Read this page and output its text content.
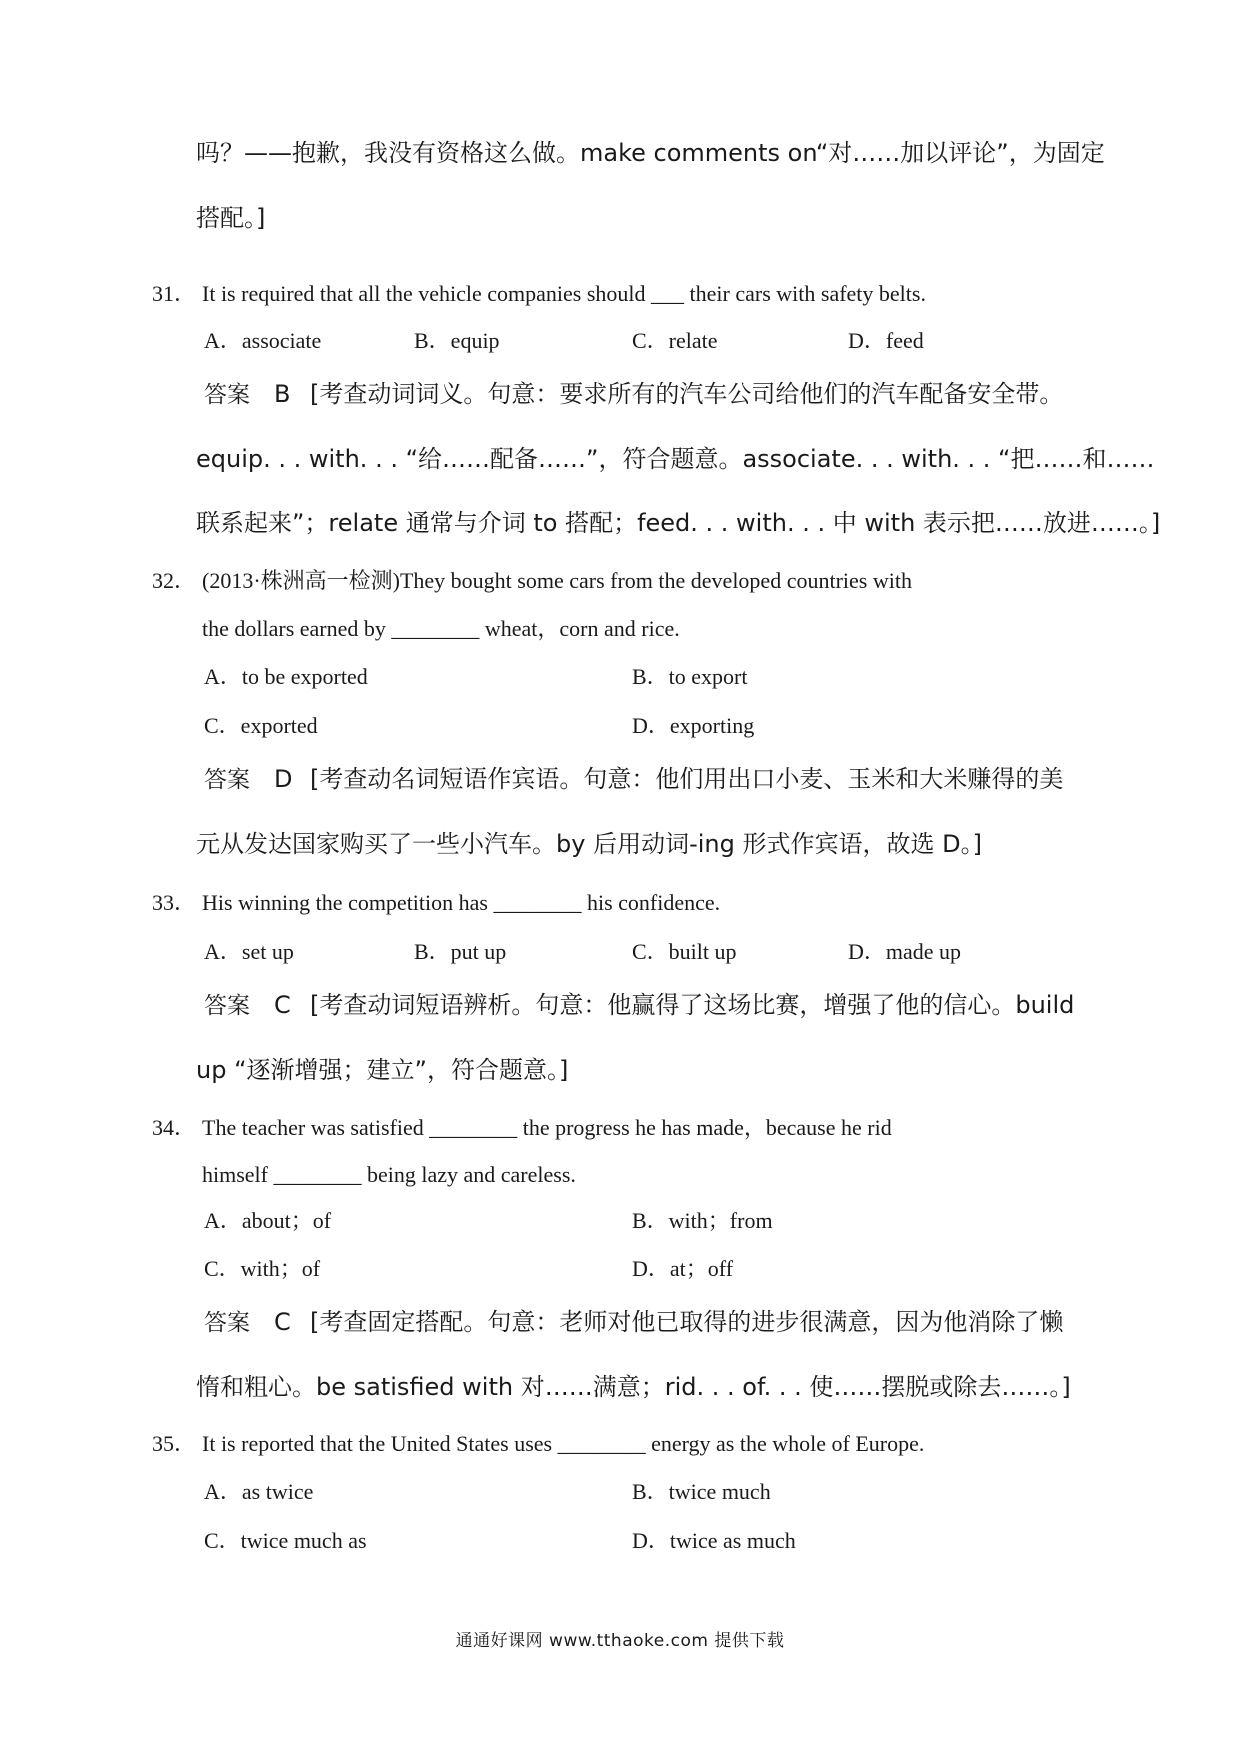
吗？——抱歉，我没有资格这么做。make comments on“对……加以评论”，为固定
搭配。]
31． It is required that all the vehicle companies should ___ their cars with safety belts.
A．associate	B．equip	C．relate	D．feed
答案 B [考查动词词义。句意：要求所有的汽车公司给他们的汽车配备安全带。
equip. . . with. . . “给……配备……”，符合题意。associate. . . with. . . “把……和……
联系起来”；relate 通常与介词 to 搭配；feed. . . with. . . 中 with 表示把……放进……。]
32． (2013·株洲高一检测)They bought some cars from the developed countries with
the dollars earned by ________ wheat，corn and rice.
A．to be exported	B．to export
C．exported	D．exporting
答案 D [考查动名词短语作宾语。句意：他们用出口小麦、玉米和大米赚得的美
元从发达国家购买了一些小汽车。by 后用动词-ing 形式作宾语，故选 D。]
33． His winning the competition has ________ his confidence.
A．set up	B．put up	C．built up	D．made up
答案 C [考查动词短语辨析。句意：他赢得了这场比赛，增强了他的信心。build
up “逐渐增强；建立”，符合题意。]
34． The teacher was satisfied ________ the progress he has made，because he rid
himself ________ being lazy and careless.
A．about；of	B．with；from
C．with；of	D．at；off
答案 C [考查固定搭配。句意：老师对他已取得的进步很满意，因为他消除了懒
惰和粗心。be satisfied with 对……满意；rid. . . of. . . 使……摆脱或除去……。]
35． It is reported that the United States uses ________ energy as the whole of Europe.
A．as twice	B．twice much
C．twice much as	D．twice as much
通通好课网 www.tthaoke.com 提供下载
